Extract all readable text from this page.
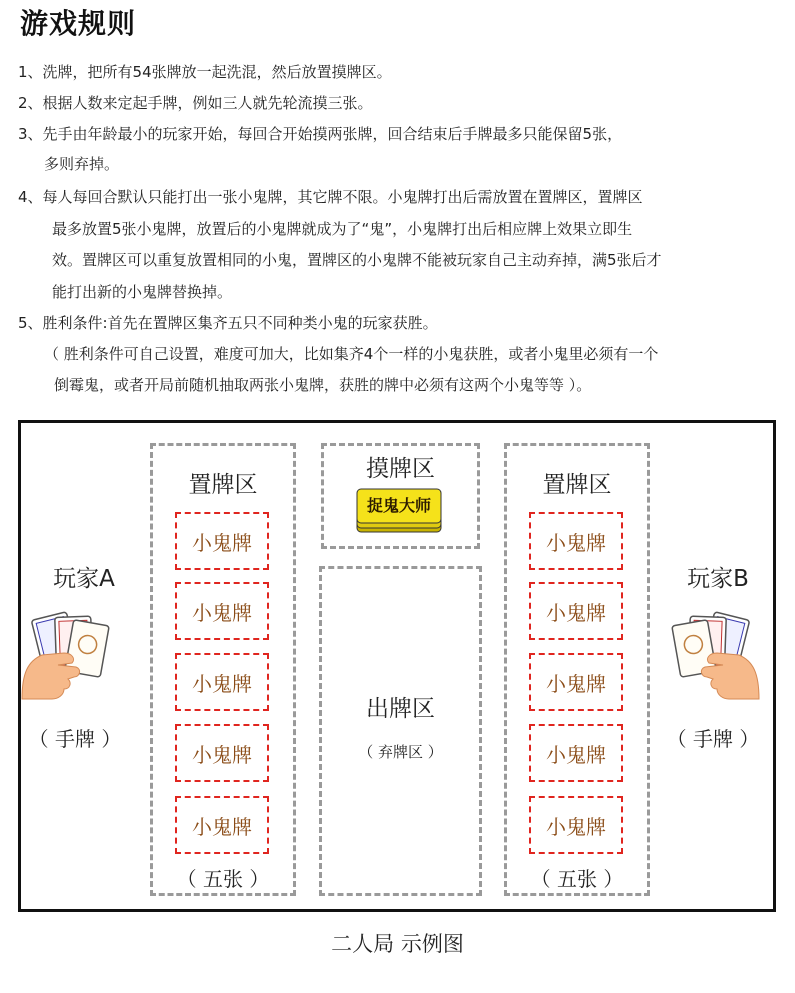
游戏规则
1、洗牌，把所有54张牌放一起洗混，然后放置摸牌区。
2、根据人数来定起手牌，例如三人就先轮流摸三张。
3、先手由年龄最小的玩家开始，每回合开始摸两张牌，回合结束后手牌最多只能保留5张，
多则弃掉。
4、每人每回合默认只能打出一张小鬼牌，其它牌不限。小鬼牌打出后需放置在置牌区，置牌区
最多放置5张小鬼牌，放置后的小鬼牌就成为了“鬼”，小鬼牌打出后相应牌上效果立即生
效。置牌区可以重复放置相同的小鬼，置牌区的小鬼牌不能被玩家自己主动弃掉，满5张后才
能打出新的小鬼牌替换掉。
5、胜利条件:首先在置牌区集齐五只不同种类小鬼的玩家获胜。
（ 胜利条件可自己设置，难度可加大，比如集齐4个一样的小鬼获胜，或者小鬼里必须有一个
倒霉鬼，或者开局前随机抽取两张小鬼牌，获胜的牌中必须有这两个小鬼等等 ）。
玩家A
（ 手牌 ）
置牌区
小鬼牌
小鬼牌
小鬼牌
小鬼牌
小鬼牌
（ 五张 ）
摸牌区
捉鬼大师
出牌区
（ 弃牌区 ）
置牌区
小鬼牌
小鬼牌
小鬼牌
小鬼牌
小鬼牌
（ 五张 ）
玩家B
（ 手牌 ）
二人局 示例图
